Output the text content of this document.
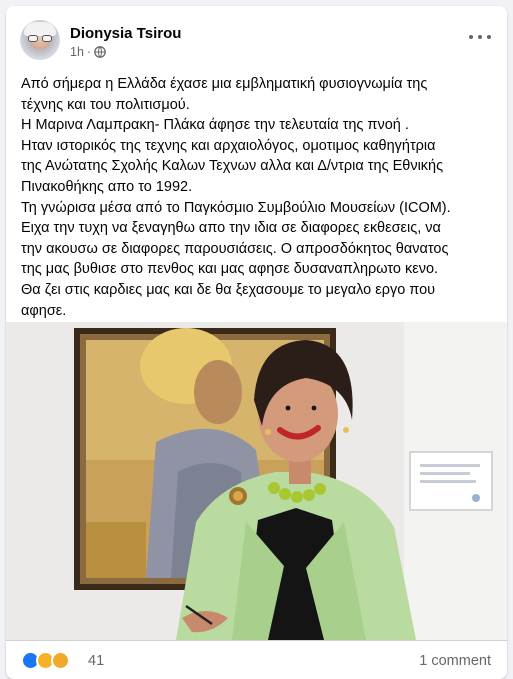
Dionysia Tsirou
1h ·
Από σήμερα η Ελλάδα έχασε μια εμβληματική φυσιογνωμία της
τέχνης και του πολιτισμού.
Η Μαρινα Λαμπρακη- Πλάκα άφησε την τελευταία της πνοή .
Ηταν ιστορικός της τεχνης και αρχαιολόγος, ομοτιμος καθηγήτρια
της Ανώτατης Σχολής Καλων Τεχνων αλλα και Δ/ντρια της Εθνικής
Πινακοθήκης απο το 1992.
Τη γνώρισα μέσα από το Παγκόσμιο Συμβούλιο Μουσείων (ICOM).
Ειχα την τυχη να ξεναγηθω απο την ιδια σε διαφορες εκθεσεις, να
την ακουσω σε διαφορες παρουσιάσεις. Ο απροσδόκητος θανατος
της μας βυθισε στο πενθος και μας αφησε δυσαναπληρωτο κενο.
Θα ζει στις καρδιες μας και δε θα ξεχασουμε το μεγαλο εργο που
αφησε.
41	1 comment
